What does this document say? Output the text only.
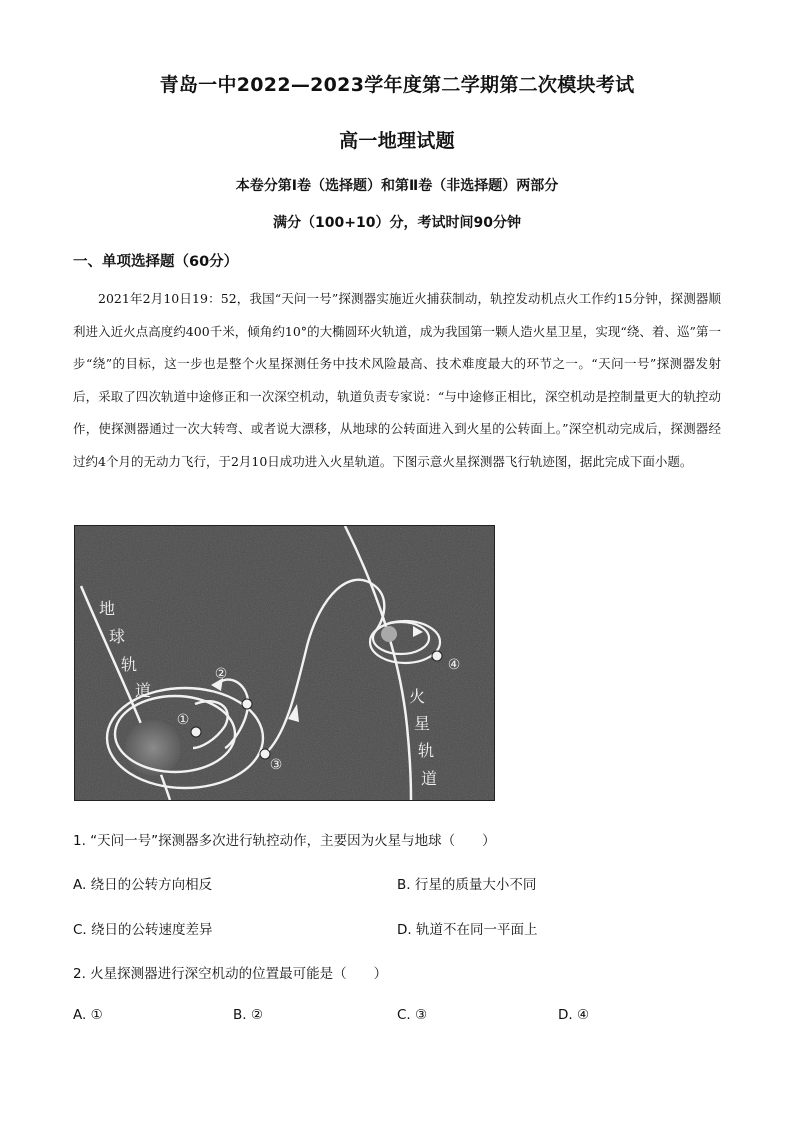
青岛一中2022—2023学年度第二学期第二次模块考试
高一地理试题
本卷分第Ⅰ卷（选择题）和第Ⅱ卷（非选择题）两部分
满分（100+10）分，考试时间90分钟
一、单项选择题（60分）
2021年2月10日19：52，我国“天问一号”探测器实施近火捕获制动，轨控发动机点火工作约15分钟，探测器顺利进入近火点高度约400千米，倾角约10°的大椭圆环火轨道，成为我国第一颗人造火星卫星，实现“绕、着、巡”第一步“绕”的目标，这一步也是整个火星探测任务中技术风险最高、技术难度最大的环节之一。“天问一号”探测器发射后，采取了四次轨道中途修正和一次深空机动，轨道负责专家说：“与中途修正相比，深空机动是控制量更大的轨控动作，使探测器通过一次大转弯、或者说大漂移，从地球的公转面进入到火星的公转面上。”深空机动完成后，探测器经过约4个月的无动力飞行，于2月10日成功进入火星轨道。下图示意火星探测器飞行轨迹图，据此完成下面小题。
①
②
③
④
地
球
轨
道	火
星
轨
道
1. “天问一号”探测器多次进行轨控动作，主要因为火星与地球（　　）
A. 绕日的公转方向相反	B. 行星的质量大小不同
C. 绕日的公转速度差异	D. 轨道不在同一平面上
2. 火星探测器进行深空机动的位置最可能是（　　）
A. ①	B. ②	C. ③	D. ④
